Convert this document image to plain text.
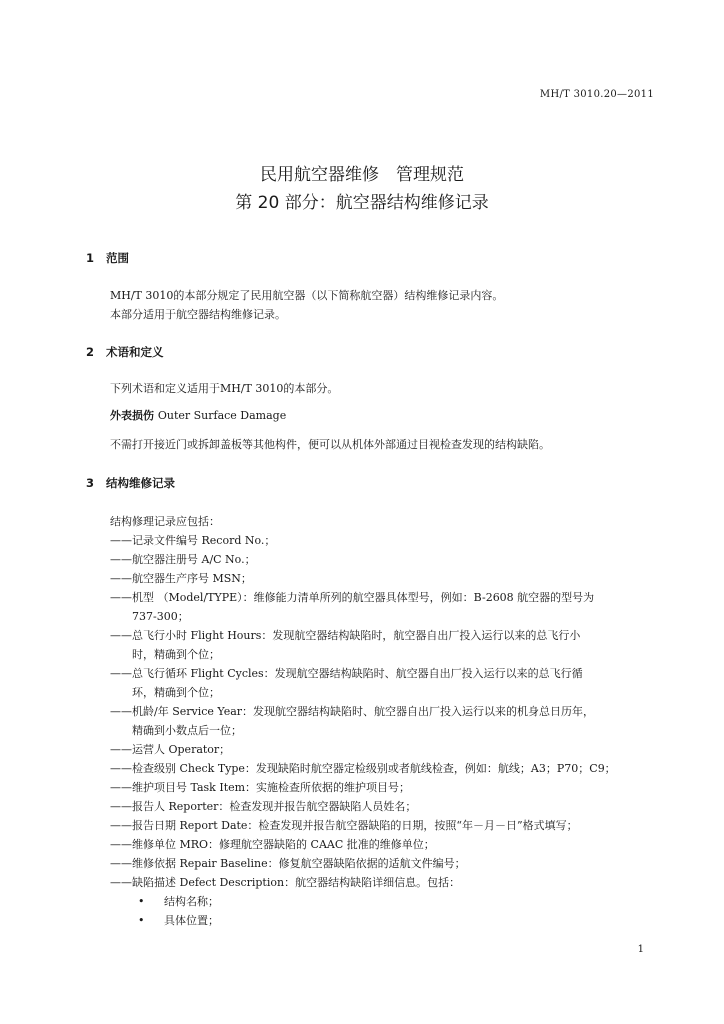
MH/T 3010.20—2011
民用航空器维修　管理规范
第 20 部分：航空器结构维修记录
1 范围
MH/T 3010的本部分规定了民用航空器（以下简称航空器）结构维修记录内容。
本部分适用于航空器结构维修记录。
2 术语和定义
下列术语和定义适用于MH/T 3010的本部分。
外表损伤 Outer Surface Damage
不需打开接近门或拆卸盖板等其他构件，便可以从机体外部通过目视检查发现的结构缺陷。
3 结构维修记录
结构修理记录应包括：
——记录文件编号 Record No.；
——航空器注册号 A/C No.；
——航空器生产序号 MSN；
——机型 （Model/TYPE）：维修能力清单所列的航空器具体型号，例如：B-2608 航空器的型号为
737-300；
——总飞行小时 Flight Hours：发现航空器结构缺陷时，航空器自出厂投入运行以来的总飞行小
时，精确到个位；
——总飞行循环 Flight Cycles：发现航空器结构缺陷时、航空器自出厂投入运行以来的总飞行循
环，精确到个位；
——机龄/年 Service Year：发现航空器结构缺陷时、航空器自出厂投入运行以来的机身总日历年，
精确到小数点后一位；
——运营人 Operator；
——检查级别 Check Type：发现缺陷时航空器定检级别或者航线检查，例如：航线；A3；P70；C9；
——维护项目号 Task Item：实施检查所依据的维护项目号；
——报告人 Reporter：检查发现并报告航空器缺陷人员姓名；
——报告日期 Report Date：检查发现并报告航空器缺陷的日期，按照“年－月－日”格式填写；
——维修单位 MRO：修理航空器缺陷的 CAAC 批准的维修单位；
——维修依据 Repair Baseline：修复航空器缺陷依据的适航文件编号；
——缺陷描述 Defect Description：航空器结构缺陷详细信息。包括：
• 结构名称；
• 具体位置；
1
